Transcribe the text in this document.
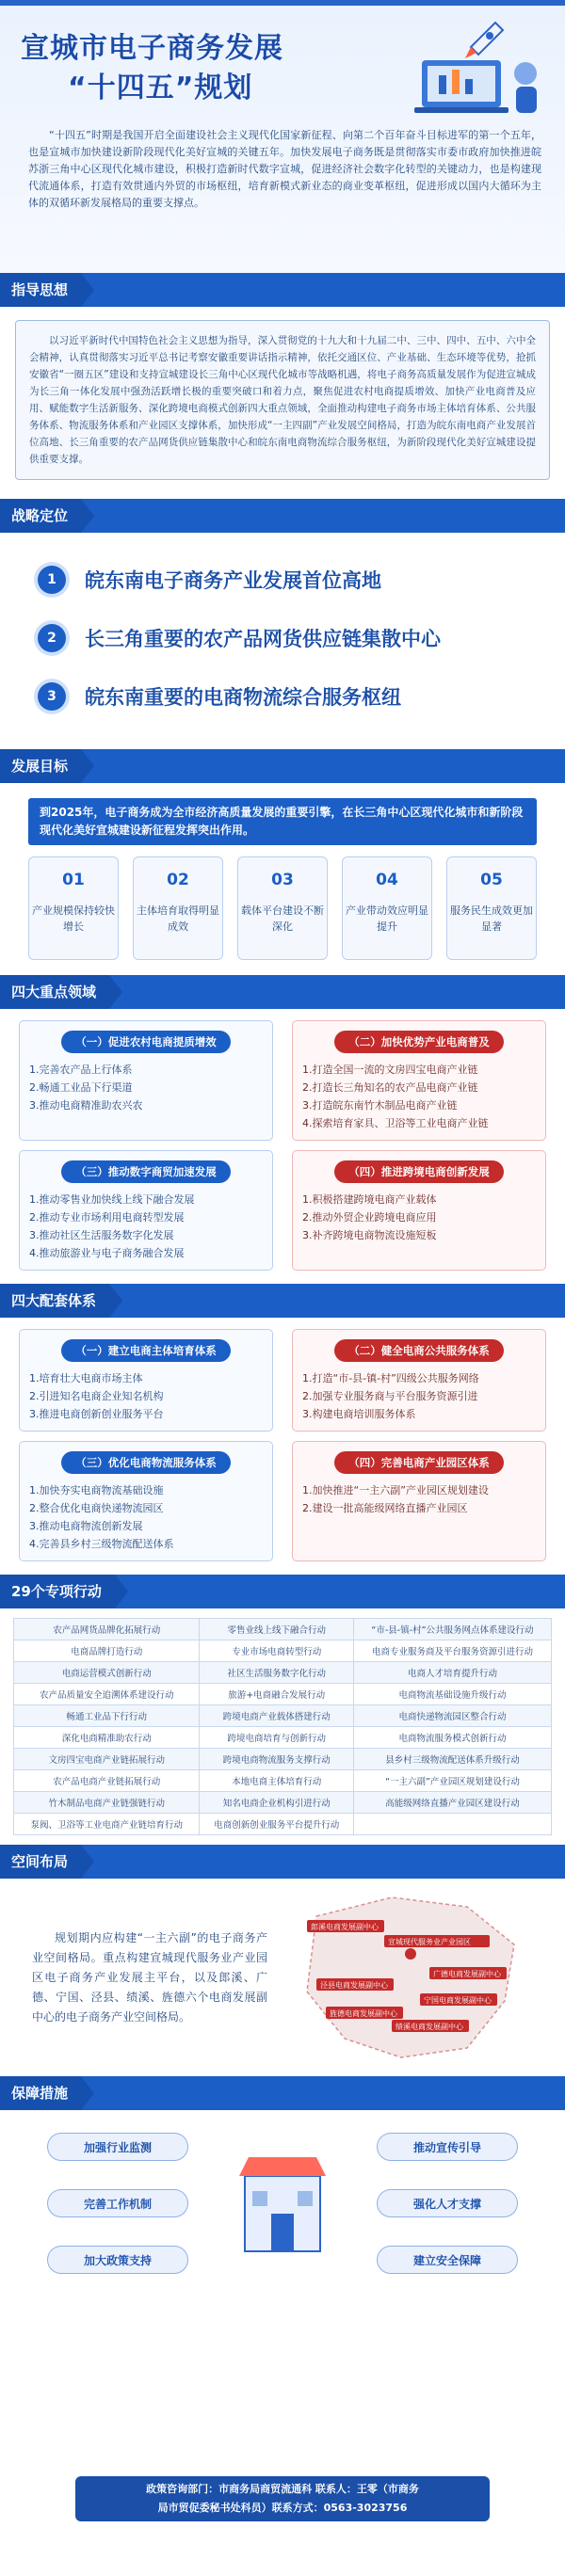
宣城市电子商务发展
“十四五”规划
“十四五”时期是我国开启全面建设社会主义现代化国家新征程、向第二个百年奋斗目标进军的第一个五年，也是宣城市加快建设新阶段现代化美好宣城的关键五年。加快发展电子商务既是贯彻落实市委市政府加快推进皖苏浙三角中心区现代化城市建设，积极打造新时代数字宣城，促进经济社会数字化转型的关键动力，也是构建现代流通体系，打造有效贯通内外贸的市场枢纽，培育新模式新业态的商业变革枢纽，促进形成以国内大循环为主体的双循环新发展格局的重要支撑点。
指导思想
以习近平新时代中国特色社会主义思想为指导，深入贯彻党的十九大和十九届二中、三中、四中、五中、六中全会精神，认真贯彻落实习近平总书记考察安徽重要讲话指示精神，依托交通区位、产业基础、生态环境等优势，抢抓安徽省“一圈五区”建设和支持宣城建设长三角中心区现代化城市等战略机遇，将电子商务高质量发展作为促进宣城成为长三角一体化发展中强劲活跃增长极的重要突破口和着力点，聚焦促进农村电商提质增效、加快产业电商普及应用、赋能数字生活新服务、深化跨境电商模式创新四大重点领域，全面推动构建电子商务市场主体培育体系、公共服务体系、物流服务体系和产业园区支撑体系，加快形成“一主四副”产业发展空间格局，打造为皖东南电商产业发展首位高地、长三角重要的农产品网货供应链集散中心和皖东南电商物流综合服务枢纽，为新阶段现代化美好宣城建设提供重要支撑。
战略定位
1	皖东南电子商务产业发展首位高地
2	长三角重要的农产品网货供应链集散中心
3	皖东南重要的电商物流综合服务枢纽
发展目标
到2025年，电子商务成为全市经济高质量发展的重要引擎，在长三角中心区现代化城市和新阶段现代化美好宣城建设新征程发挥突出作用。
01
产业规模保持较快增长
02
主体培育取得明显成效
03
载体平台建设不断深化
04
产业带动效应明显提升
05
服务民生成效更加显著
四大重点领域
（一）促进农村电商提质增效
1.完善农产品上行体系
2.畅通工业品下行渠道
3.推动电商精准助农兴农
（二）加快优势产业电商普及
1.打造全国一流的文房四宝电商产业链
2.打造长三角知名的农产品电商产业链
3.打造皖东南竹木制品电商产业链
4.探索培育家具、卫浴等工业电商产业链
（三）推动数字商贸加速发展
1.推动零售业加快线上线下融合发展
2.推动专业市场利用电商转型发展
3.推动社区生活服务数字化发展
4.推动旅游业与电子商务融合发展
（四）推进跨境电商创新发展
1.积极搭建跨境电商产业载体
2.推动外贸企业跨境电商应用
3.补齐跨境电商物流设施短板
四大配套体系
（一）建立电商主体培育体系
1.培育壮大电商市场主体
2.引进知名电商企业知名机构
3.推进电商创新创业服务平台
（二）健全电商公共服务体系
1.打造“市-县-镇-村”四级公共服务网络
2.加强专业服务商与平台服务资源引进
3.构建电商培训服务体系
（三）优化电商物流服务体系
1.加快夯实电商物流基础设施
2.整合优化电商快递物流园区
3.推动电商物流创新发展
4.完善县乡村三级物流配送体系
（四）完善电商产业园区体系
1.加快推进“一主六副”产业园区规划建设
2.建设一批高能级网络直播产业园区
29个专项行动
农产品网货品牌化拓展行动	零售业线上线下融合行动	“市-县-镇-村”公共服务网点体系建设行动
电商品牌打造行动	专业市场电商转型行动	电商专业服务商及平台服务资源引进行动
电商运营模式创新行动	社区生活服务数字化行动	电商人才培育提升行动
农产品质量安全追溯体系建设行动	旅游+电商融合发展行动	电商物流基础设施升级行动
畅通工业品下行行动	跨境电商产业载体搭建行动	电商快递物流园区整合行动
深化电商精准助农行动	跨境电商培育与创新行动	电商物流服务模式创新行动
文房四宝电商产业链拓展行动	跨境电商物流服务支撑行动	县乡村三级物流配送体系升级行动
农产品电商产业链拓展行动	本地电商主体培育行动	“一主六副”产业园区规划建设行动
竹木制品电商产业链强链行动	知名电商企业机构引进行动	高能级网络直播产业园区建设行动
泵阀、卫浴等工业电商产业链培育行动	电商创新创业服务平台提升行动	
空间布局
规划期内应构建“一主六副”的电子商务产业空间格局。重点构建宣城现代服务业产业园区电子商务产业发展主平台，以及郎溪、广德、宁国、泾县、绩溪、旌德六个电商发展副中心的电子商务产业空间格局。
宣城现代服务业产业园区
郎溪电商发展副中心
广德电商发展副中心
宁国电商发展副中心
泾县电商发展副中心
绩溪电商发展副中心
旌德电商发展副中心
保障措施
加强行业监测
完善工作机制
加大政策支持
推动宣传引导
强化人才支撑
建立安全保障
政策咨询部门：市商务局商贸流通科 联系人：王零（市商务
局市贸促委秘书处科员）联系方式：0563-3023756
